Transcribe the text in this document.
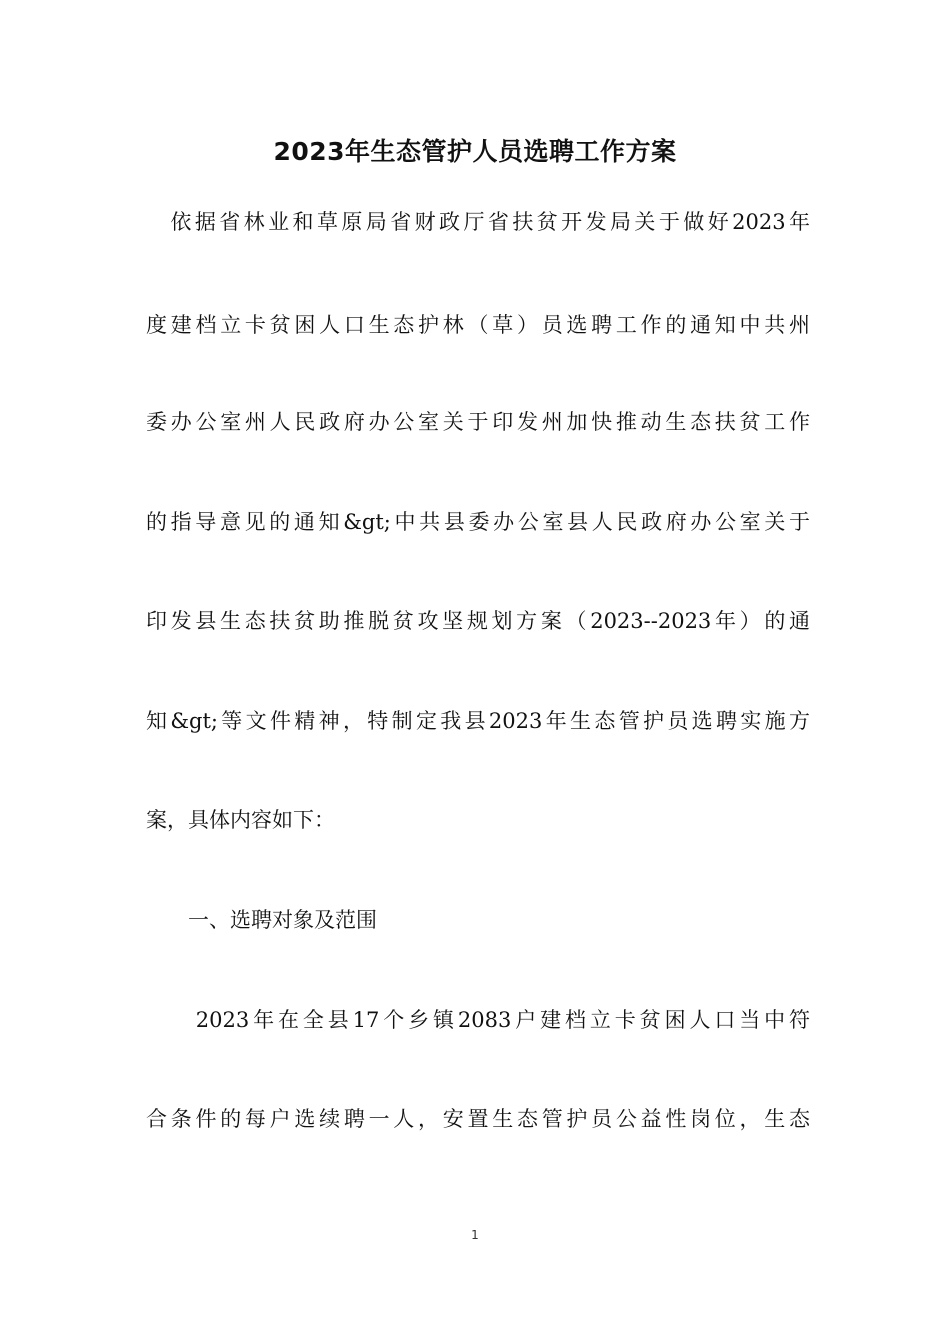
2023年生态管护人员选聘工作方案
　依据省林业和草原局省财政厅省扶贫开发局关于做好2023年
度建档立卡贫困人口生态护林（草）员选聘工作的通知中共州
委办公室州人民政府办公室关于印发州加快推动生态扶贫工作
的指导意见的通知&gt;中共县委办公室县人民政府办公室关于
印发县生态扶贫助推脱贫攻坚规划方案（2023--2023年）的通
知&gt;等文件精神，特制定我县2023年生态管护员选聘实施方
案，具体内容如下：
　　一、选聘对象及范围
　　2023年在全县17个乡镇2083户建档立卡贫困人口当中符
合条件的每户选续聘一人，安置生态管护员公益性岗位，生态
1
